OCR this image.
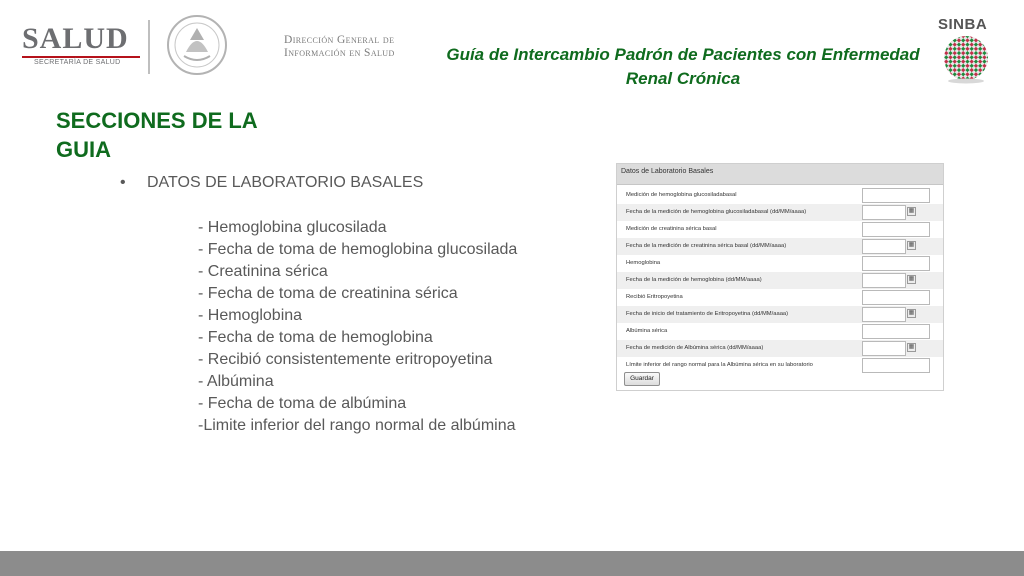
SALUD
SECRETARÍA DE SALUD
Dirección General de
Información en Salud	Guía de Intercambio Padrón de Pacientes con Enfermedad
Renal Crónica
SINBA
SECCIONES DE LA
GUIA
• DATOS DE LABORATORIO BASALES
- Hemoglobina glucosilada
- Fecha de toma de hemoglobina glucosilada
- Creatinina sérica
- Fecha de toma de creatinina sérica
- Hemoglobina
- Fecha de toma de hemoglobina
- Recibió consistentemente eritropoyetina
- Albúmina
- Fecha de toma de albúmina
-Limite inferior del rango normal de albúmina
Datos de Laboratorio Basales
Medición de hemoglobina glucosiladabasal
Fecha de la medición de hemoglobina glucosiladabasal (dd/MM/aaaa)	▦
Medición de creatinina sérica basal
Fecha de la medición de creatinina sérica basal (dd/MM/aaaa)	▦
Hemoglobina
Fecha de la medición de hemoglobina (dd/MM/aaaa)	▦
Recibió Eritropoyetina
Fecha de inicio del tratamiento de Eritropoyetina (dd/MM/aaaa)	▦
Albúmina sérica
Fecha de medición de Albúmina sérica (dd/MM/aaaa)	▦
Límite inferior del rango normal para la Albúmina sérica en su laboratorio
Guardar
